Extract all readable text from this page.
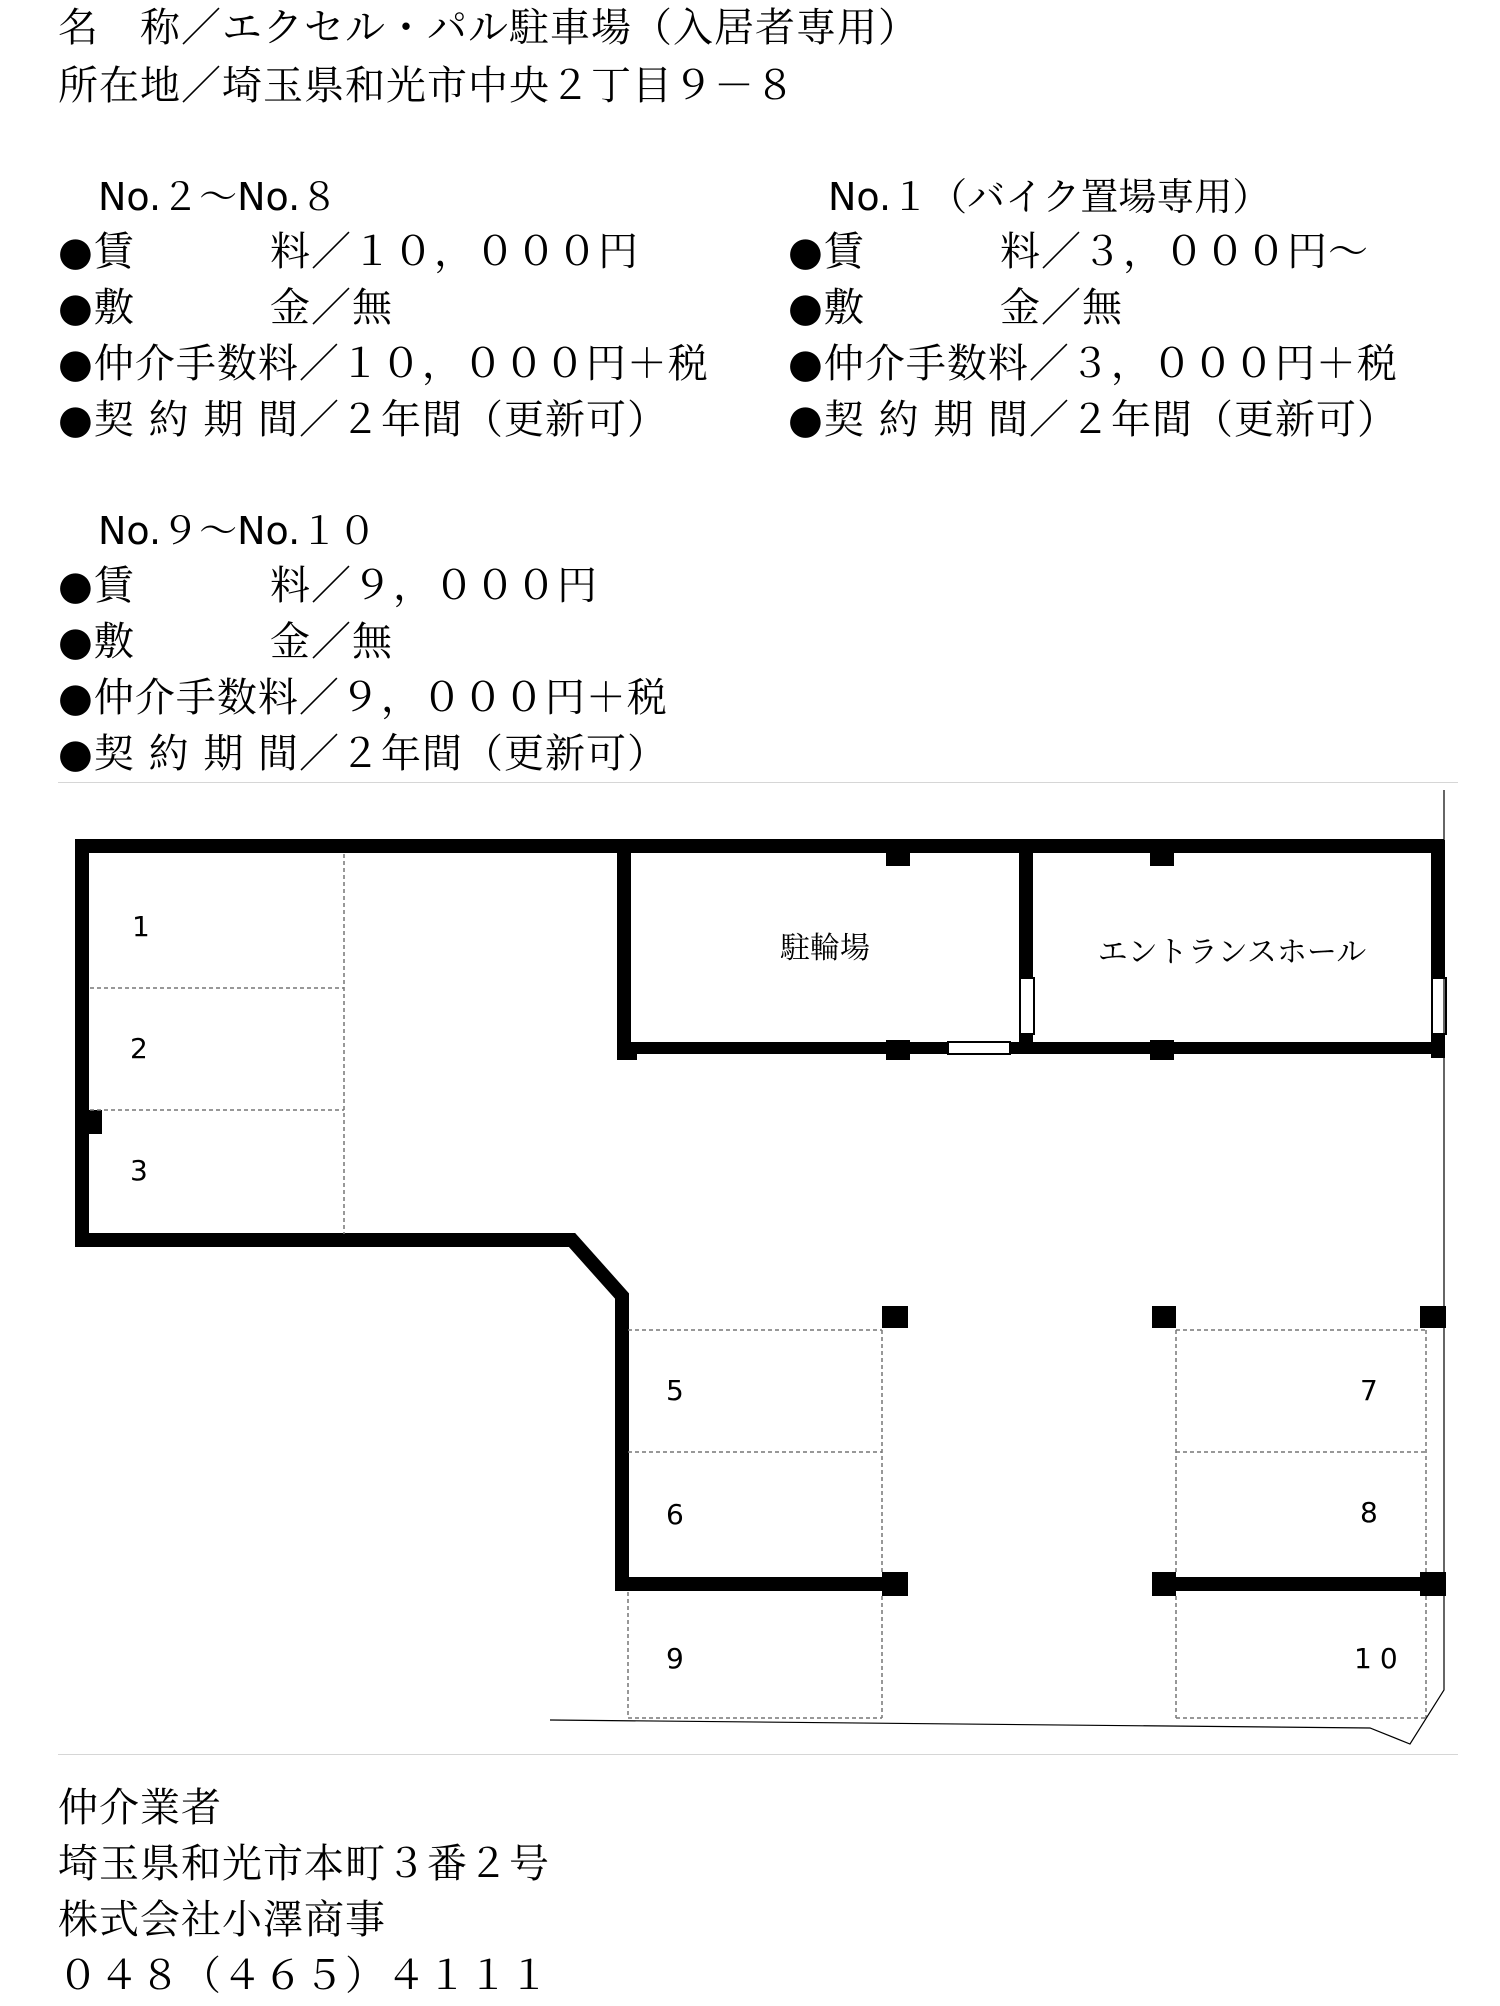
名　称／エクセル・パル駐車場（入居者専用）
所在地／埼玉県和光市中央２丁目９－８
No.２～No.８
●賃	料／１０，０００円
●敷	金／無
●仲介手数料／１０，０００円＋税
●契 約 期 間／２年間（更新可）
No.１（バイク置場専用）
●賃	料／３，０００円～
●敷	金／無
●仲介手数料／３，０００円＋税
●契 約 期 間／２年間（更新可）
No.９～No.１０
●賃	料／９，０００円
●敷	金／無
●仲介手数料／９，０００円＋税
●契 約 期 間／２年間（更新可）
駐輪場	エントランスホール
1
2
3
5
6
7
8
9	10
仲介業者
埼玉県和光市本町３番２号
株式会社小澤商事
０４８（４６５）４１１１
